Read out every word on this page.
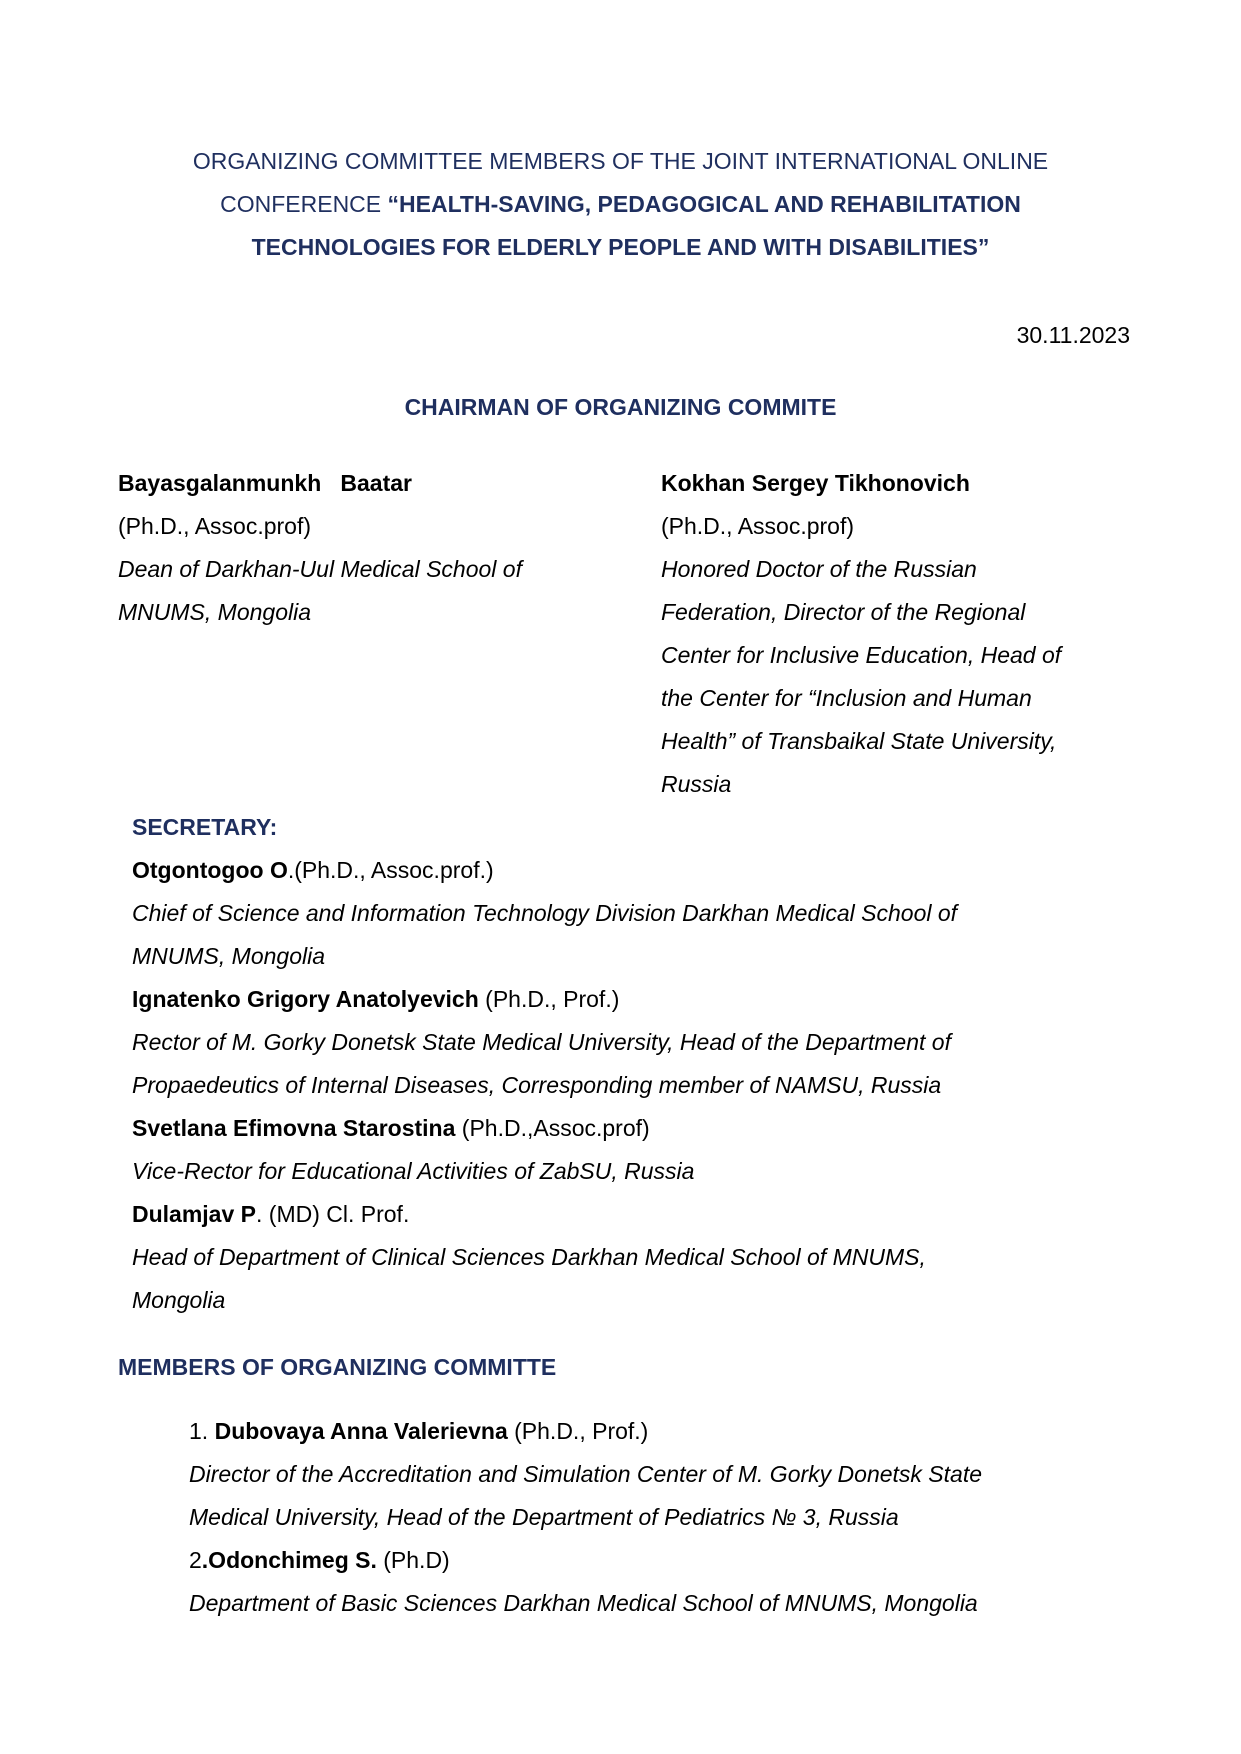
ORGANIZING COMMITTEE MEMBERS OF THE JOINT INTERNATIONAL ONLINE

CONFERENCE “HEALTH-SAVING, PEDAGOGICAL AND REHABILITATION

TECHNOLOGIES FOR ELDERLY PEOPLE AND WITH DISABILITIES”

30.11.2023
CHAIRMAN OF ORGANIZING COMMITE

Bayasgalanmunkh   Baatar

(Ph.D., Assoc.prof)

Dean of Darkhan-Uul Medical School of

MNUMS, Mongolia

Kokhan Sergey Tikhonovich

(Ph.D., Assoc.prof)

Honored Doctor of the Russian

Federation, Director of the Regional

Center for Inclusive Education, Head of

the Center for “Inclusion and Human

Health” of Transbaikal State University,

Russia

SECRETARY:

Otgontogoo O.(Ph.D., Assoc.prof.)

Chief of Science and Information Technology Division Darkhan Medical School of

MNUMS, Mongolia

Ignatenko Grigory Anatolyevich (Ph.D., Prof.)

Rector of M. Gorky Donetsk State Medical University, Head of the Department of

Propaedeutics of Internal Diseases, Corresponding member of NAMSU, Russia

Svetlana Efimovna Starostina (Ph.D.,Assoc.prof)

Vice-Rector for Educational Activities of ZabSU, Russia

Dulamjav P. (MD) Cl. Prof.

Head of Department of Clinical Sciences Darkhan Medical School of MNUMS,

Mongolia

MEMBERS OF ORGANIZING COMMITTE

1. Dubovaya Anna Valerievna (Ph.D., Prof.)

Director of the Accreditation and Simulation Center of M. Gorky Donetsk State

Medical University, Head of the Department of Pediatrics № 3, Russia

2.Odonchimeg S. (Ph.D)

Department of Basic Sciences Darkhan Medical School of MNUMS, Mongolia
